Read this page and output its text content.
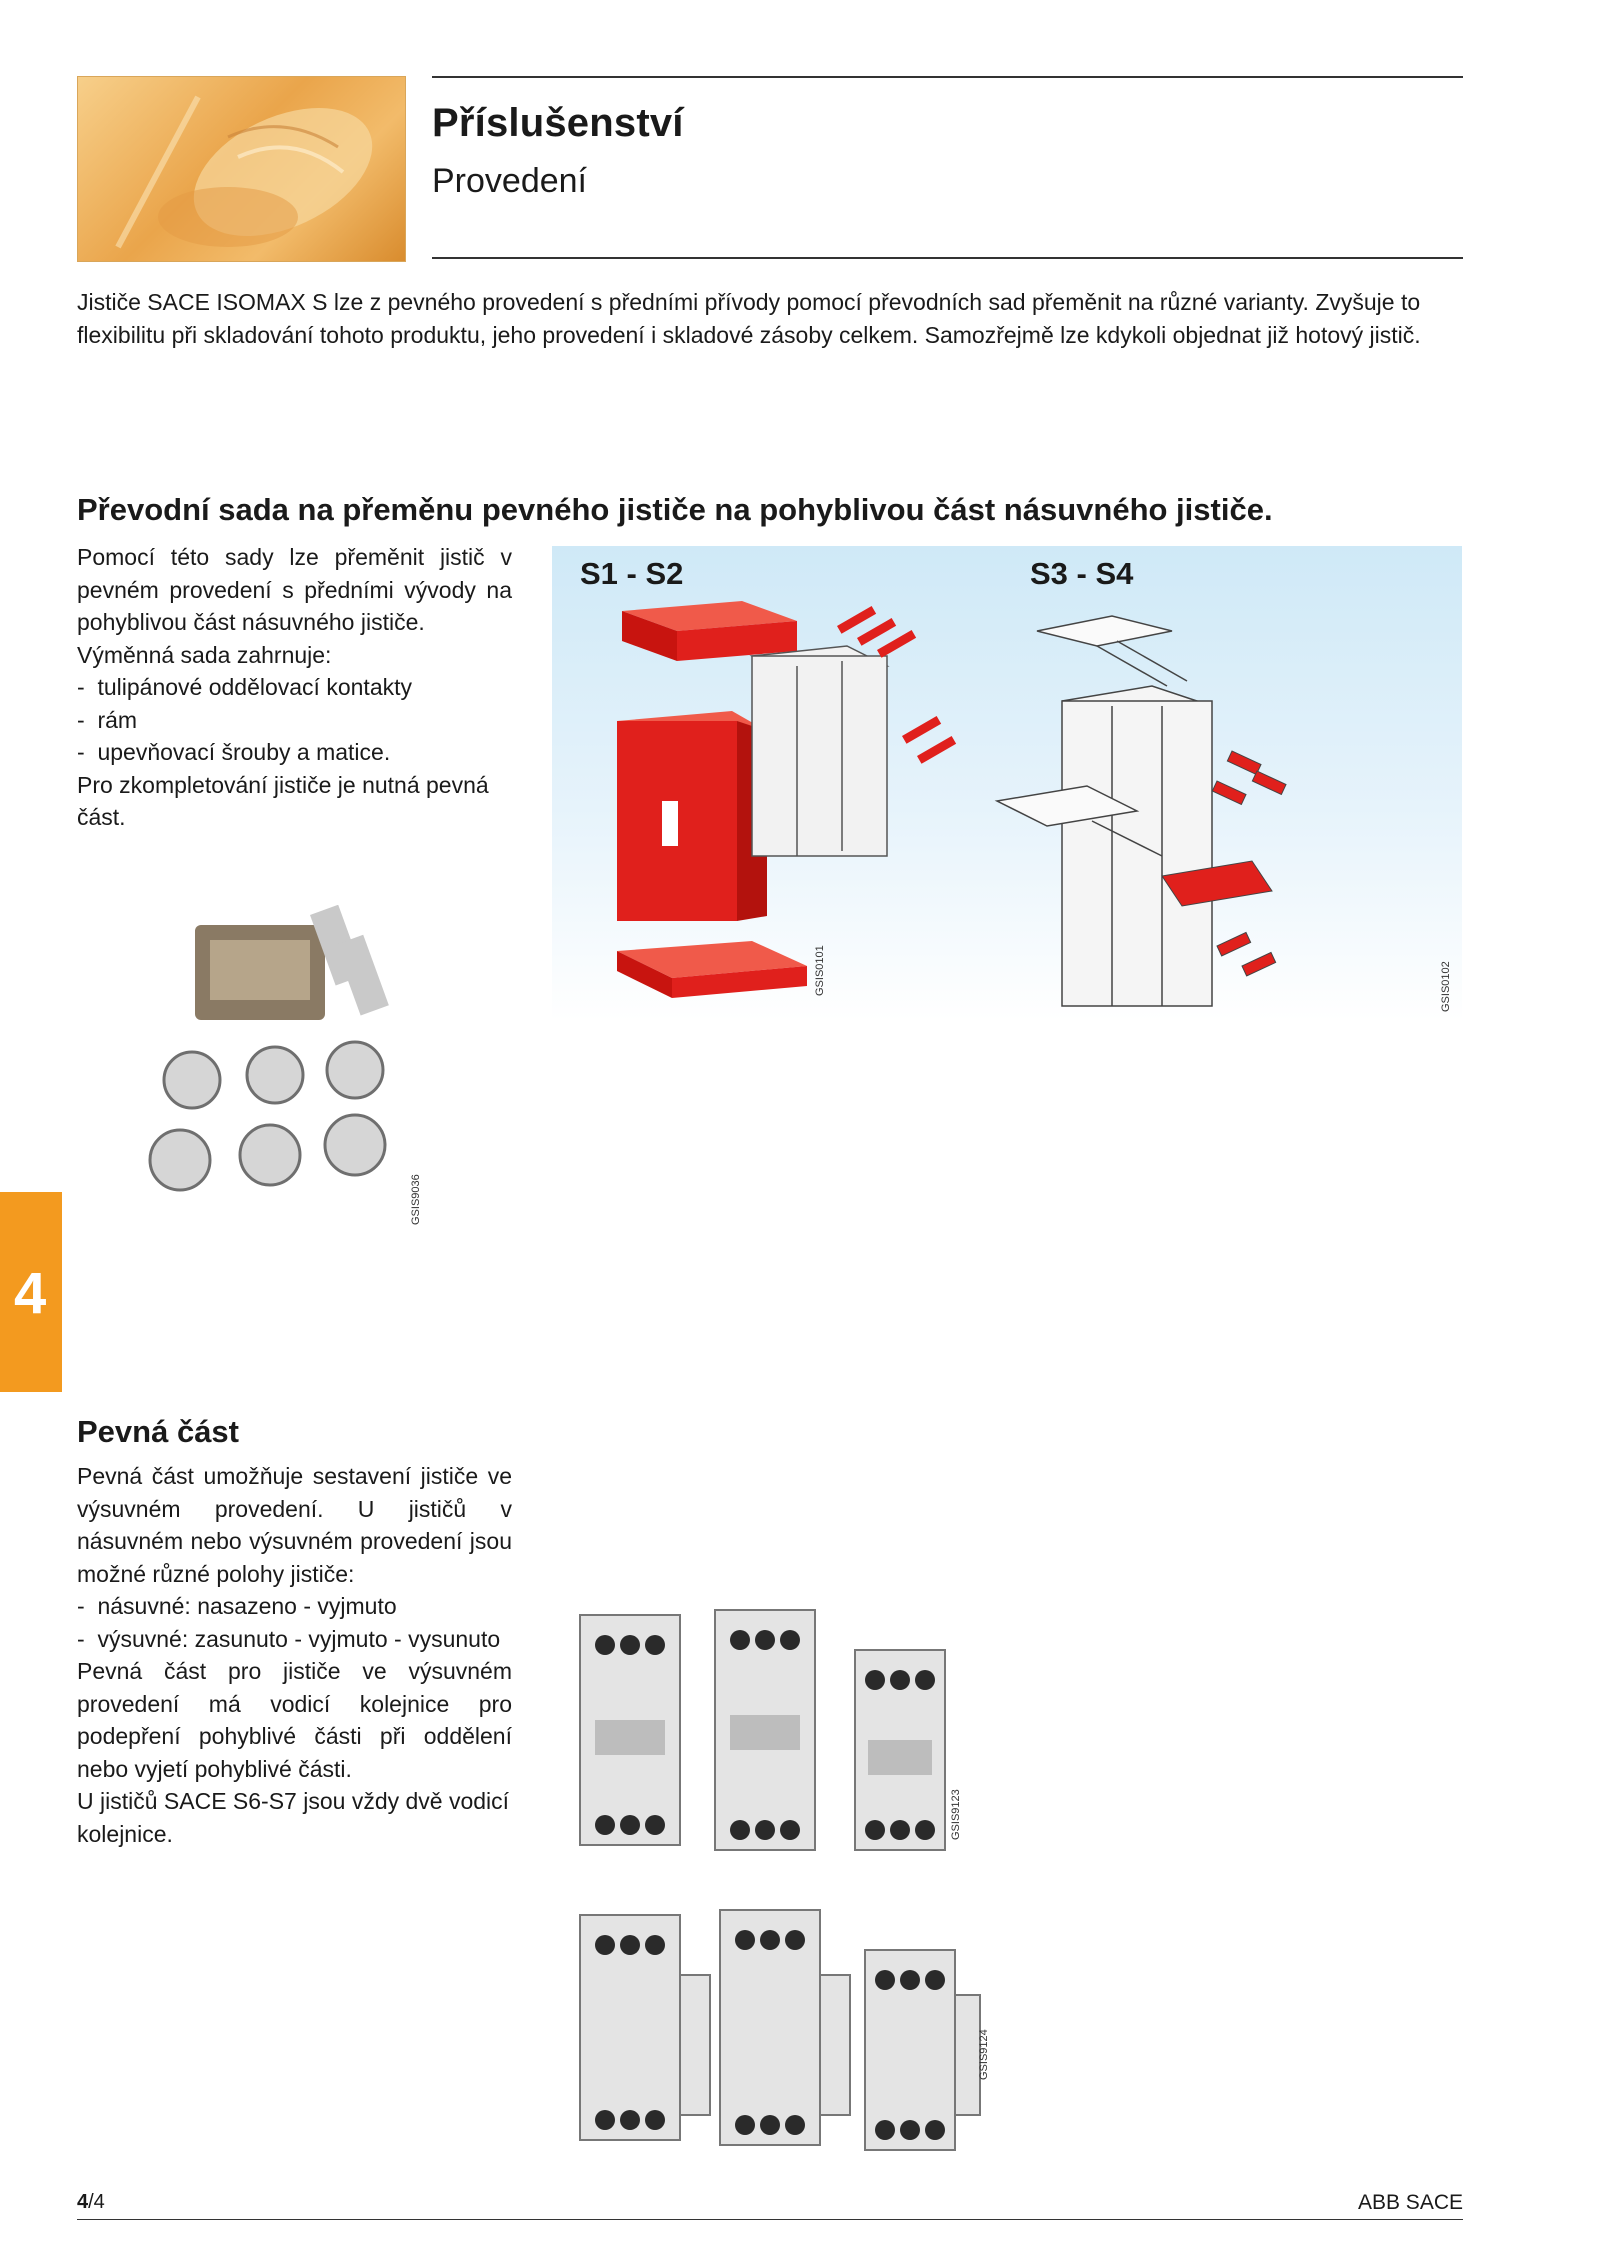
Příslušenství
Provedení

Jističe SACE ISOMAX S lze z pevného provedení s předními přívody pomocí převodních sad přeměnit na různé varianty. Zvyšuje to flexibilitu při skladování tohoto produktu, jeho provedení i skladové zásoby celkem. Samozřejmě lze kdykoli objednat již hotový jistič.

Převodní sada na přeměnu pevného jističe na pohyblivou část násuvného jističe.
Pomocí této sady lze přeměnit jistič v pevném provedení s předními vývody na pohyblivou část násuvného jističe.
Výměnná sada zahrnuje:
-  tulipánové oddělovací kontakty
-  rám
-  upevňovací šrouby a matice.
Pro zkompletování jističe je nutná pevná část.
S1 - S2	S3 - S4
GSIS0101	GSIS0102
GSIS9036
4
Pevná část
Pevná část umožňuje sestavení jističe ve výsuvném provedení. U jističů v násuvném nebo výsuvném provedení jsou možné různé polohy jističe:
-  násuvné: nasazeno - vyjmuto
-  výsuvné: zasunuto - vyjmuto - vysunuto
Pevná část pro jističe ve výsuvném provedení má vodicí kolejnice pro podepření pohyblivé části při oddělení nebo vyjetí pohyblivé části.
U jističů SACE S6-S7 jsou vždy dvě vodicí kolejnice.	GSIS9123
GSIS9124
4/4	ABB SACE
